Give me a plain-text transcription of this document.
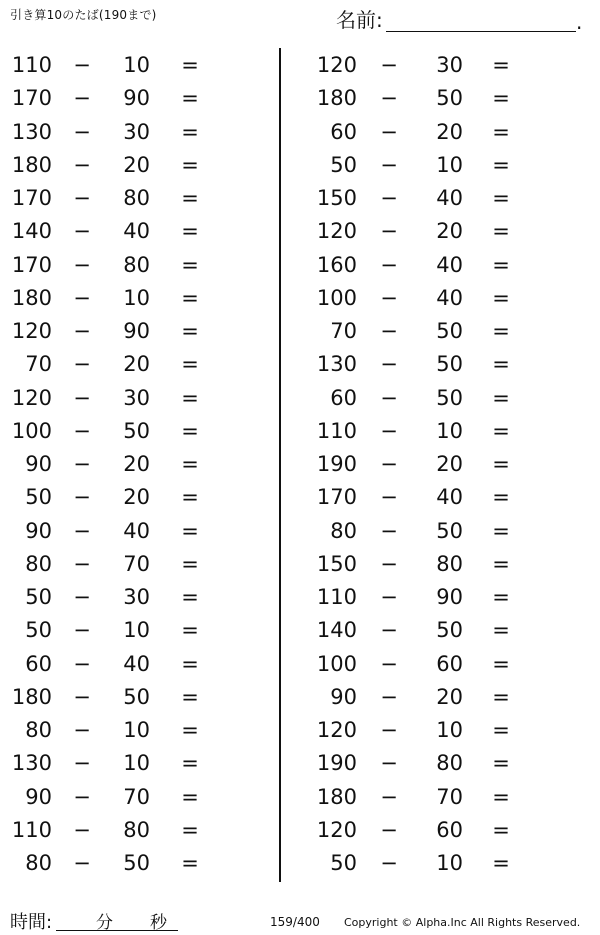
引き算10のたば(190まで)	名前:	.
110 −	10 =
170 −	90 =
130 −	30 =
180 −	20 =
170 −	80 =
140 −	40 =
170 −	80 =
180 −	10 =
120 −	90 =
70 −	20 =
120 −	30 =
100 −	50 =
90 −	20 =
50 −	20 =
90 −	40 =
80 −	70 =
50 −	30 =
50 −	10 =
60 −	40 =
180 −	50 =
80 −	10 =
130 −	10 =
90 −	70 =
110 −	80 =
80 −	50 =
120 −	30 =
180 −	50 =
60 −	20 =
50 −	10 =
150 −	40 =
120 −	20 =
160 −	40 =
100 −	40 =
70 −	50 =
130 −	50 =
60 −	50 =
110 −	10 =
190 −	20 =
170 −	40 =
80 −	50 =
150 −	80 =
110 −	90 =
140 −	50 =
100 −	60 =
90 −	20 =
120 −	10 =
190 −	80 =
180 −	70 =
120 −	60 =
50 −	10 =
時間:	分 秒	159/400 Copyright © Alpha.Inc All Rights Reserved.
